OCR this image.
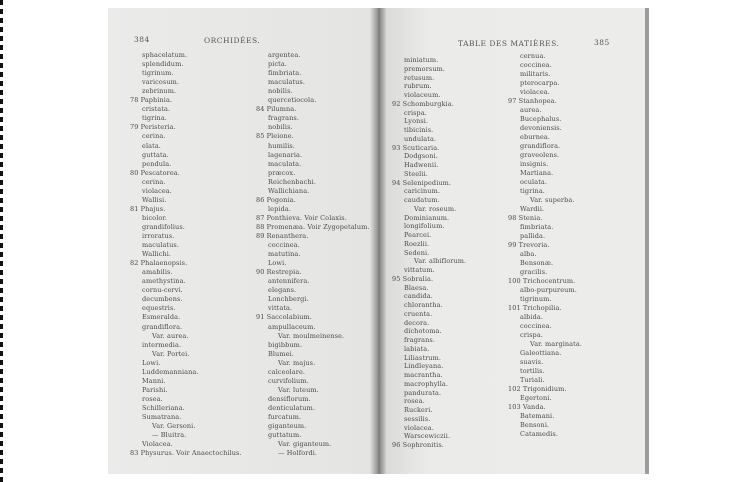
384	ORCHIDÉES.	TABLE DES MATIÈRES.	385
sphacelatum.
splendidum.
tigrinum.
varicosum.
zebrinum.
78 Paphinia.
cristata.
tigrina.
79 Peristeria.
cerina.
elata.
guttata.
pendula.
80 Pescatorea.
cerina.
violacea.
Wallisi.
81 Phajus.
bicolor.
grandifolius.
irroratus.
maculatus.
Wallichi.
82 Phalaenopsis.
amabilis.
amethystina.
cornu-cervi.
decumbens.
equestris.
Esmeralda.
grandiflora.
Var. aurea.
intermedia.
Var. Portei.
Lowi.
Luddemanniana.
Manni.
Parishi.
rosea.
Schilleriana.
Sumatrana.
Var. Gersoni.
— Bluitra.
Violacea.
83 Physurus. Voir Anaectochilus.
argentea.
picta.
fimbriata.
maculatus.
nobilis.
quercetiocola.
84 Pilumna.
fragrans.
nobilis.
85 Pleione.
humilis.
lagenaria.
maculata.
præcox.
Reichenbachi.
Wallichiana.
86 Pogonia.
lepida.
87 Ponthieva. Voir Colaxis.
88 Promenæa. Voir Zygopetalum.
89 Renanthera.
coccinea.
matutina.
Lowi.
90 Restrepia.
antennifera.
elegans.
Lonchbergi.
vittata.
91 Saccolabium.
ampullaceum.
Var. moulmeinense.
bigibbum.
Blumei.
Var. majus.
calceolare.
curvifolium.
Var. luteum.
densiflorum.
denticulatum.
furcatum.
giganteum.
guttatum.
Var. giganteum.
— Holfordi.
miniatum.
premorsum.
retusum.
rubrum.
violaceum.
92 Schomburgkia.
crispa.
Lyonsi.
tibicinis.
undulata.
93 Scuticaria.
Dodgsoni.
Hadwenii.
Steelii.
94 Selenipedium.
caricinum.
caudatum.
Var. roseum.
Dominianum.
longifolium.
Pearcei.
Roezlii.
Sedeni.
Var. albiflorum.
vittatum.
95 Sobralia.
Blaesa.
candida.
chlorantha.
cruenta.
decora.
dichotoma.
fragrans.
labiata.
Liliastrum.
Lindleyana.
macrantha.
macrophylla.
pandurata.
rosea.
Ruckeri.
sessilis.
violacea.
Warscewiczii.
96 Sophronitis.
cernua.
coccinea.
militaris.
pterocarpa.
violacea.
97 Stanhopea.
aurea.
Bucephalus.
devoniensis.
eburnea.
grandiflora.
graveolens.
insignis.
Martiana.
oculata.
tigrina.
Var. superba.
Wardii.
98 Stenia.
fimbriata.
pallida.
99 Trevoria.
alba.
Bensonæ.
gracilis.
100 Trichocentrum.
albo-purpureum.
tigrinum.
101 Trichopilia.
albida.
coccinea.
crispa.
Var. marginata.
Galeottiana.
suavis.
tortilis.
Turiali.
102 Trigonidium.
Egertoni.
103 Vanda.
Batemani.
Bensoni.
Catamedis.
